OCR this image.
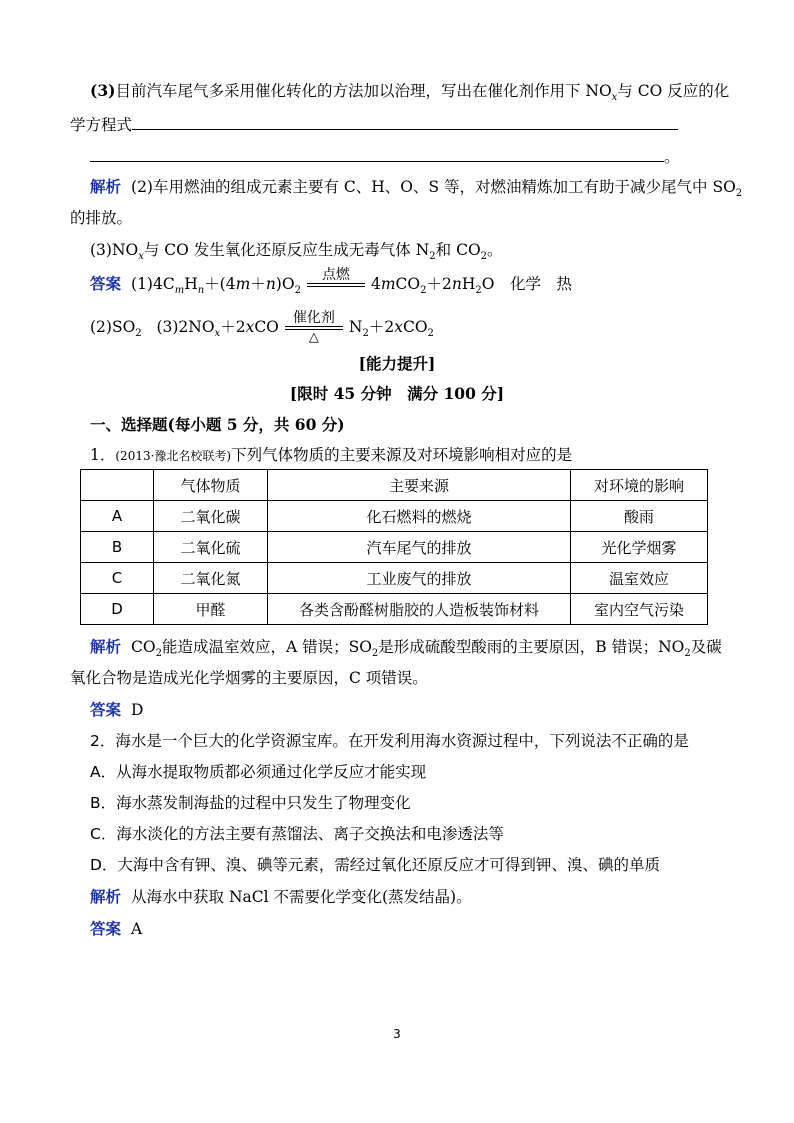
(3)目前汽车尾气多采用催化转化的方法加以治理，写出在催化剂作用下 $NO_x$与 CO 反应的化
学方程式
。
解析 (2)车用燃油的组成元素主要有 C、H、O、S 等，对燃油精炼加工有助于减少尾气中 $SO_2$
的排放。
$(3)NO_x$与 CO 发生氧化还原反应生成无毒气体 $N_2$和 $CO_2$。
答案 $(1)4C_mH_n+(4m+n)O_2$
点燃
$4mCO_2+2nH_2O$　化学　热
$(2)SO_2$ $(3)2NO_x+2xCO$ 催化剂
△
$N_2+2xCO_2$
[能力提升]
[限时 45 分钟　满分 100 分]
一、选择题(每小题 5 分，共 60 分)
1．(2013·豫北名校联考)下列气体物质的主要来源及对环境影响相对应的是
	气体物质	主要来源	对环境的影响
A	二氧化碳	化石燃料的燃烧	酸雨
B	二氧化硫	汽车尾气的排放	光化学烟雾
C	二氧化氮	工业废气的排放	温室效应
D	甲醛	各类含酚醛树脂胶的人造板装饰材料	室内空气污染
解析 $CO_2$能造成温室效应，A 错误；$SO_2$是形成硫酸型酸雨的主要原因，B 错误；$NO_2$及碳
氧化合物是造成光化学烟雾的主要原因，C 项错误。
答案 D
2．海水是一个巨大的化学资源宝库。在开发利用海水资源过程中，下列说法不正确的是
A．从海水提取物质都必须通过化学反应才能实现
B．海水蒸发制海盐的过程中只发生了物理变化
C．海水淡化的方法主要有蒸馏法、离子交换法和电渗透法等
D．大海中含有钾、溴、碘等元素，需经过氧化还原反应才可得到钾、溴、碘的单质
解析 从海水中获取 NaCl 不需要化学变化(蒸发结晶)。
答案 A
3
